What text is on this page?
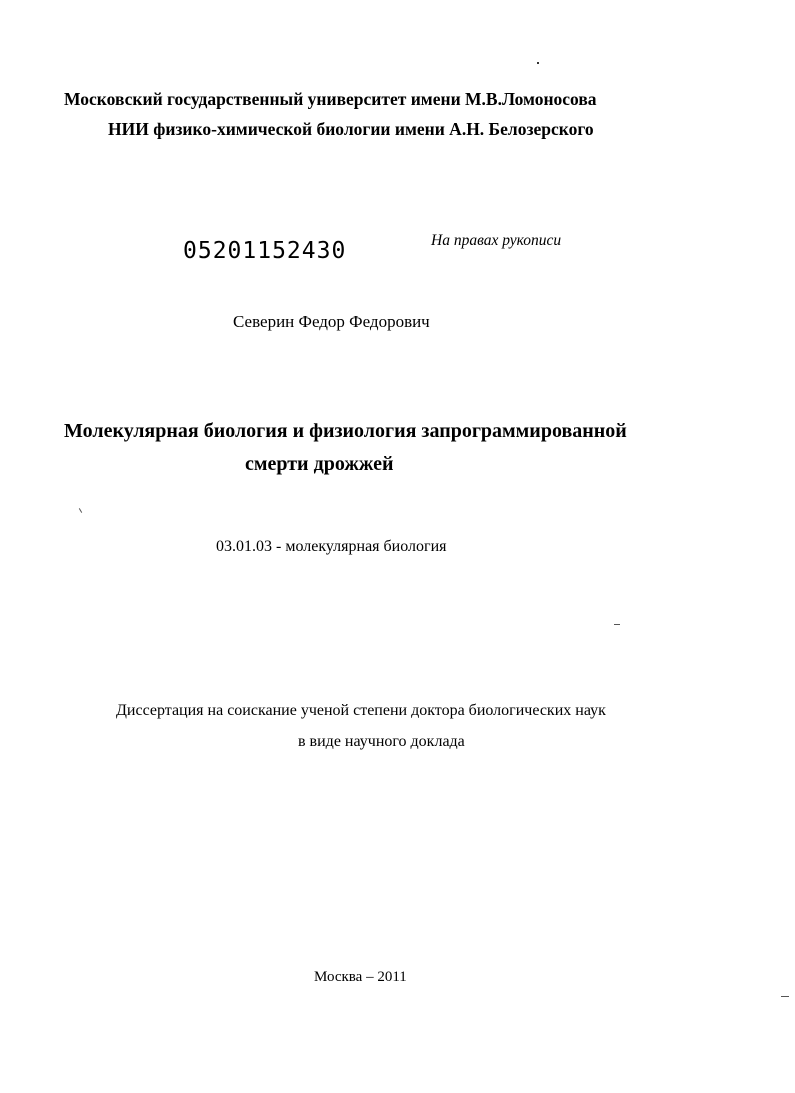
Московский государственный университет имени М.В.Ломоносова
НИИ физико-химической биологии имени А.Н. Белозерского
05201152430	На правах рукописи
Северин Федор Федорович
Молекулярная биология и физиология запрограммированной
смерти дрожжей
03.01.03 - молекулярная биология
Диссертация на соискание ученой степени доктора биологических наук
в виде научного доклада
Москва – 2011
